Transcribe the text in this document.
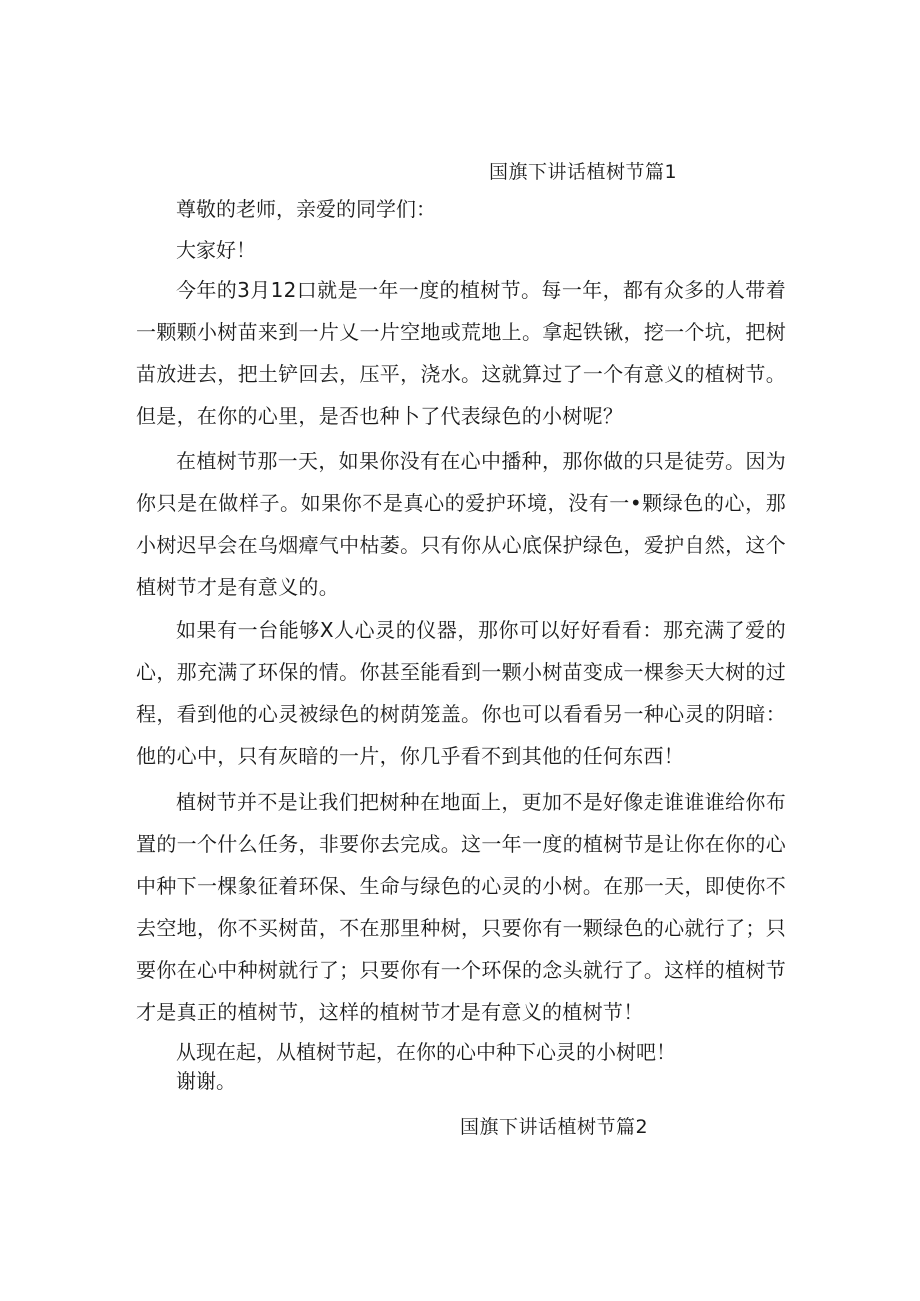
国旗下讲话植树节篇1
尊敬的老师，亲爱的同学们：
大家好！

今年的3月12口就是一年一度的植树节。每一年，都有众多的人带着一颗颗小树苗来到一片乂一片空地或荒地上。拿起铁锹，挖一个坑，把树苗放进去，把土铲回去，压平，浇水。这就算过了一个有意义的植树节。但是，在你的心里，是否也种卜了代表绿色的小树呢？

在植树节那一天，如果你没有在心中播种，那你做的只是徒劳。因为你只是在做样子。如果你不是真心的爱护环境，没有一•颗绿色的心，那小树迟早会在乌烟瘴气中枯萎。只有你从心底保护绿色，爱护自然，这个植树节才是有意义的。

如果有一台能够X人心灵的仪器，那你可以好好看看：那充满了爱的心，那充满了环保的情。你甚至能看到一颗小树苗变成一棵参天大树的过程，看到他的心灵被绿色的树荫笼盖。你也可以看看另一种心灵的阴暗：他的心中，只有灰暗的一片，你几乎看不到其他的任何东西！

植树节并不是让我们把树种在地面上，更加不是好像走谁谁谁给你布置的一个什么任务，非要你去完成。这一年一度的植树节是让你在你的心中种下一棵象征着环保、生命与绿色的心灵的小树。在那一天，即使你不去空地，你不买树苗，不在那里种树，只要你有一颗绿色的心就行了；只要你在心中种树就行了；只要你有一个环保的念头就行了。这样的植树节才是真正的植树节，这样的植树节才是有意义的植树节！

从现在起，从植树节起，在你的心中种下心灵的小树吧！
谢谢。
国旗下讲话植树节篇2
